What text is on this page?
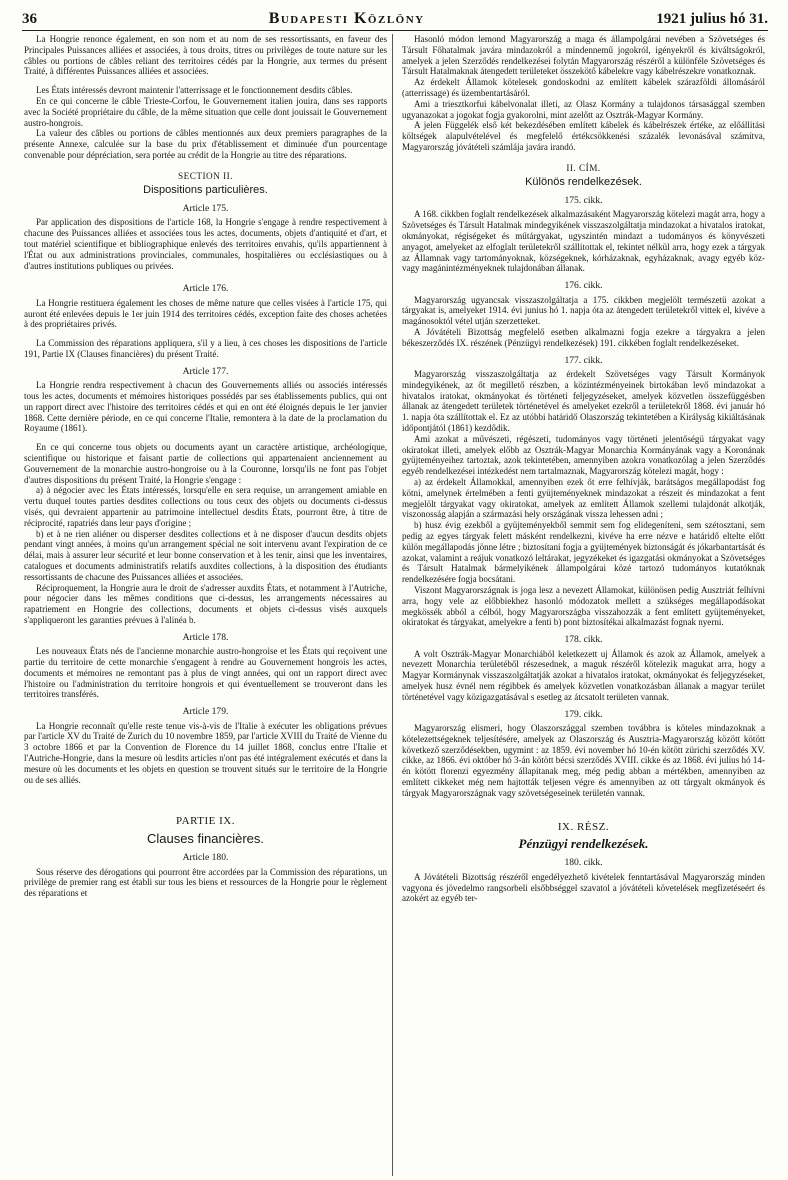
36	Budapesti Közlöny	1921 julius hó 31.

La Hongrie renonce également, en son nom et au nom de ses ressortissants, en faveur des Principales Puissances alliées et associées, à tous droits, titres ou privilèges de toute nature sur les câbles ou portions de câbles reliant des territoires cédés par la Hongrie, aux termes du présent Traité, à différentes Puissances alliées et associées.

Les États intéressés devront maintenir l'atterrissage et le fonctionnement desdits câbles.

En ce qui concerne le câble Trieste-Corfou, le Gouvernement italien jouira, dans ses rapports avec la Société propriétaire du câble, de la même situation que celle dont jouissait le Gouvernement austro-hongrois.

La valeur des câbles ou portions de câbles mentionnés aux deux premiers paragraphes de la présente Annexe, calculée sur la base du prix d'établissement et diminuée d'un pourcentage convenable pour dépréciation, sera portée au crédit de la Hongrie au titre des réparations.

SECTION II.

Dispositions particulières.

Article 175.

Par application des dispositions de l'article 168, la Hongrie s'engage à rendre respectivement à chacune des Puissances alliées et associées tous les actes, documents, objets d'antiquité et d'art, et tout matériel scientifique et bibliographique enlevés des territoires envahis, qu'ils appartiennent à l'État ou aux administrations provinciales, communales, hospitalières ou ecclésiastiques ou à d'autres institutions publiques ou privées.

Article 176.

La Hongrie restituera également les choses de même nature que celles visées à l'article 175, qui auront été enlevées depuis le 1er juin 1914 des territoires cédés, exception faite des choses achetées à des propriétaires privés.

La Commission des réparations appliquera, s'il y a lieu, à ces choses les dispositions de l'article 191, Partie IX (Clauses financières) du présent Traité.

Article 177.

La Hongrie rendra respectivement à chacun des Gouvernements alliés ou associés intéressés tous les actes, documents et mémoires historiques possédés par ses établissements publics, qui ont un rapport direct avec l'histoire des territoires cédés et qui en ont été éloignés depuis le 1er janvier 1868. Cette dernière période, en ce qui concerne l'Italie, remontera à la date de la proclamation du Royaume (1861).

En ce qui concerne tous objets ou documents ayant un caractère artistique, archéologique, scientifique ou historique et faisant partie de collections qui appartenaient anciennement au Gouvernement de la monarchie austro-hongroise ou à la Couronne, lorsqu'ils ne font pas l'objet d'autres dispositions du présent Traité, la Hongrie s'engage :

a) à négocier avec les États intéressés, lorsqu'elle en sera requise, un arrangement amiable en vertu duquel toutes parties desdites collections ou tous ceux des objets ou documents ci-dessus visés, qui devraient appartenir au patrimoine intellectuel desdits États, pourront être, à titre de réciprocité, rapatriés dans leur pays d'origine ;

b) et à ne rien aliéner ou disperser desdites collections et à ne disposer d'aucun desdits objets pendant vingt années, à moins qu'un arrangement spécial ne soit intervenu avant l'expiration de ce délai, mais à assurer leur sécurité et leur bonne conservation et à les tenir, ainsi que les inventaires, catalogues et documents administratifs relatifs auxdites collections, à la disposition des étudiants ressortissants de chacune des Puissances alliées et associées.

Réciproquement, la Hongrie aura le droit de s'adresser auxdits États, et notamment à l'Autriche, pour négocier dans les mêmes conditions que ci-dessus, les arrangements nécessaires au rapatriement en Hongrie des collections, documents et objets ci-dessus visés auxquels s'appliqueront les garanties prévues à l'alinéa b.

Article 178.

Les nouveaux États nés de l'ancienne monarchie austro-hongroise et les États qui reçoivent une partie du territoire de cette monarchie s'engagent à rendre au Gouvernement hongrois les actes, documents et mémoires ne remontant pas à plus de vingt années, qui ont un rapport direct avec l'histoire ou l'administration du territoire hongrois et qui éventuellement se trouveront dans les territoires transférés.

Article 179.

La Hongrie reconnaît qu'elle reste tenue vis-à-vis de l'Italie à exécuter les obligations prévues par l'article XV du Traité de Zurich du 10 novembre 1859, par l'article XVIII du Traité de Vienne du 3 octobre 1866 et par la Convention de Florence du 14 juillet 1868, conclus entre l'Italie et l'Autriche-Hongrie, dans la mesure où lesdits articles n'ont pas été intégralement exécutés et dans la mesure où les documents et les objets en question se trouvent situés sur le territoire de la Hongrie ou de ses alliés.

PARTIE IX.

Clauses financières.

Article 180.

Sous réserve des dérogations qui pourront être accordées par la Commission des réparations, un privilège de premier rang est établi sur tous les biens et ressources de la Hongrie pour le règlement des réparations et

Hasonló módon lemond Magyarország a maga és állampolgárai nevében a Szövetséges és Társult Főhatalmak javára mindazokról a mindennemű jogokról, igényekről és kiváltságokról, amelyek a jelen Szerződés rendelkezései folytán Magyarország részéről a különféle Szövetséges és Társult Hatalmaknak átengedett területeket összekötő kábelekre vagy kábelrészekre vonatkoznak.

Az érdekelt Államok kötelesek gondoskodni az említett kábelek szárazföldi állomásáról (atterrissage) és üzembentartásáról.

Ami a triesztkorfui kábelvonalat illeti, az Olasz Kormány a tulajdonos társasággal szemben ugyanazokat a jogokat fogja gyakorolni, mint azelőtt az Osztrák-Magyar Kormány.

A jelen Függelék első két bekezdésében említett kábelek és kábelrészek értéke, az előállítási költségek alapulvételével és megfelelő értékcsökkenési százalék levonásával számítva, Magyarország jóvátételi számlája javára irandó.

II. CÍM.

Különös rendelkezések.

175. cikk.

A 168. cikkben foglalt rendelkezések alkalmazásaként Magyarország kötelezi magát arra, hogy a Szövetséges és Társult Hatalmak mindegyikének visszaszolgáltatja mindazokat a hivatalos iratokat, okmányokat, régiségeket és műtárgyakat, ugyszintén mindazt a tudományos és könyvészeti anyagot, amelyeket az elfoglalt területekről szállítottak el, tekintet nélkül arra, hogy ezek a tárgyak az Államnak vagy tartományoknak, községeknek, kórházaknak, egyházaknak, avagy egyéb köz- vagy magánintézményeknek tulajdonában állanak.

176. cikk.

Magyarország ugyancsak visszaszolgáltatja a 175. cikkben megjelölt természetü azokat a tárgyakat is, amelyeket 1914. évi junius hó 1. napja óta az átengedett területekről vittek el, kivéve a magánosoktól vétel utján szerzetteket.

A Jóvátételi Bizottság megfelelő esetben alkalmazni fogja ezekre a tárgyakra a jelen békeszerződés IX. részének (Pénzügyi rendelkezések) 191. cikkében foglalt rendelkezéseket.

177. cikk.

Magyarország visszaszolgáltatja az érdekelt Szövetséges vagy Társult Kormányok mindegyikének, az őt megillető részben, a közintézményeinek birtokában levő mindazokat a hivatalos iratokat, okmányokat és történeti feljegyzéseket, amelyek közvetlen összefüggésben állanak az átengedett területek történetével és amelyeket ezekről a területekről 1868. évi január hó 1. napja óta szállítottak el. Ez az utóbbi határidő Olaszország tekintetében a Királyság kikiáltásának időpontjától (1861) kezdődik.

Ami azokat a művészeti, régészeti, tudományos vagy történeti jelentőségü tárgyakat vagy okiratokat illeti, amelyek előbb az Osztrák-Magyar Monarchia Kormányának vagy a Koronának gyüjteményeihez tartoztak, azok tekintetében, amennyiben azokra vonatkozólag a jelen Szerződés egyéb rendelkezései intézkedést nem tartalmaznak, Magyarország kötelezi magát, hogy :

a) az érdekelt Államokkal, amennyiben ezek őt erre felhívják, barátságos megállapodást fog kötni, amelynek értelmében a fenti gyüjteményeknek mindazokat a részeit és mindazokat a fent megjelölt tárgyakat vagy okiratokat, amelyek az említett Államok szellemi tulajdonát alkotják, viszonosság alapján a származási hely országának vissza lehessen adni ;

b) husz évig ezekből a gyüjteményekből semmit sem fog elidegeníteni, sem szétosztani, sem pedig az egyes tárgyak felett másként rendelkezni, kivéve ha erre nézve e határidő eltelte előtt külön megállapodás jönne létre ; biztosítani fogja a gyüjtemények biztonságát és jókarbantartását és azokat, valamint a reájuk vonatkozó leltárakat, jegyzékeket és igazgatási okmányokat a Szövetséges és Társult Hatalmak bármelyikének állampolgárai közé tartozó tudományos kutatóknak rendelkezésére fogja bocsátani.

Viszont Magyarországnak is joga lesz a nevezett Államokat, különösen pedig Ausztriát felhívni arra, hogy vele az előbbiekhez hasonló módozatok mellett a szükséges megállapodásokat megkössék abból a célból, hogy Magyarországba visszahozzák a fent említett gyüjteményeket, okiratokat és tárgyakat, amelyekre a fenti b) pont biztosítékai alkalmazást fognak nyerni.

178. cikk.

A volt Osztrák-Magyar Monarchiából keletkezett uj Államok és azok az Államok, amelyek a nevezett Monarchia területéből részesednek, a maguk részéről kötelezik magukat arra, hogy a Magyar Kormánynak visszaszolgáltatják azokat a hivatalos iratokat, okmányokat és feljegyzéseket, amelyek husz évnél nem régibbek és amelyek közvetlen vonatkozásban állanak a magyar terület történetével vagy közigazgatásával s esetleg az átcsatolt területen vannak.

179. cikk.

Magyarország elismeri, hogy Olaszországgal szemben továbbra is köteles mindazoknak a kötelezettségeknek teljesítésére, amelyek az Olaszország és Ausztria-Magyarország között kötött következő szerződésekben, ugymint : az 1859. évi november hó 10-én kötött zürichi szerződés XV. cikke, az 1866. évi október hó 3-án kötött bécsi szerződés XVIII. cikke és az 1868. évi julius hó 14-én kötött florenzi egyezmény állapítanak meg, még pedig abban a mértékben, amennyiben az említett cikkeket még nem hajtották teljesen végre és amennyiben az ott tárgyalt okmányok és tárgyak Magyarországnak vagy szövetségeseinek területén vannak.

IX. RÉSZ.

Pénzügyi rendelkezések.

180. cikk.

A Jóvátételi Bizottság részéről engedélyezhető kivételek fenntartásával Magyarország minden vagyona és jövedelmo rangsorbeli elsőbbséggel szavatol a jóvátételi követelések megfizetéseért és azokért az egyéb ter-
